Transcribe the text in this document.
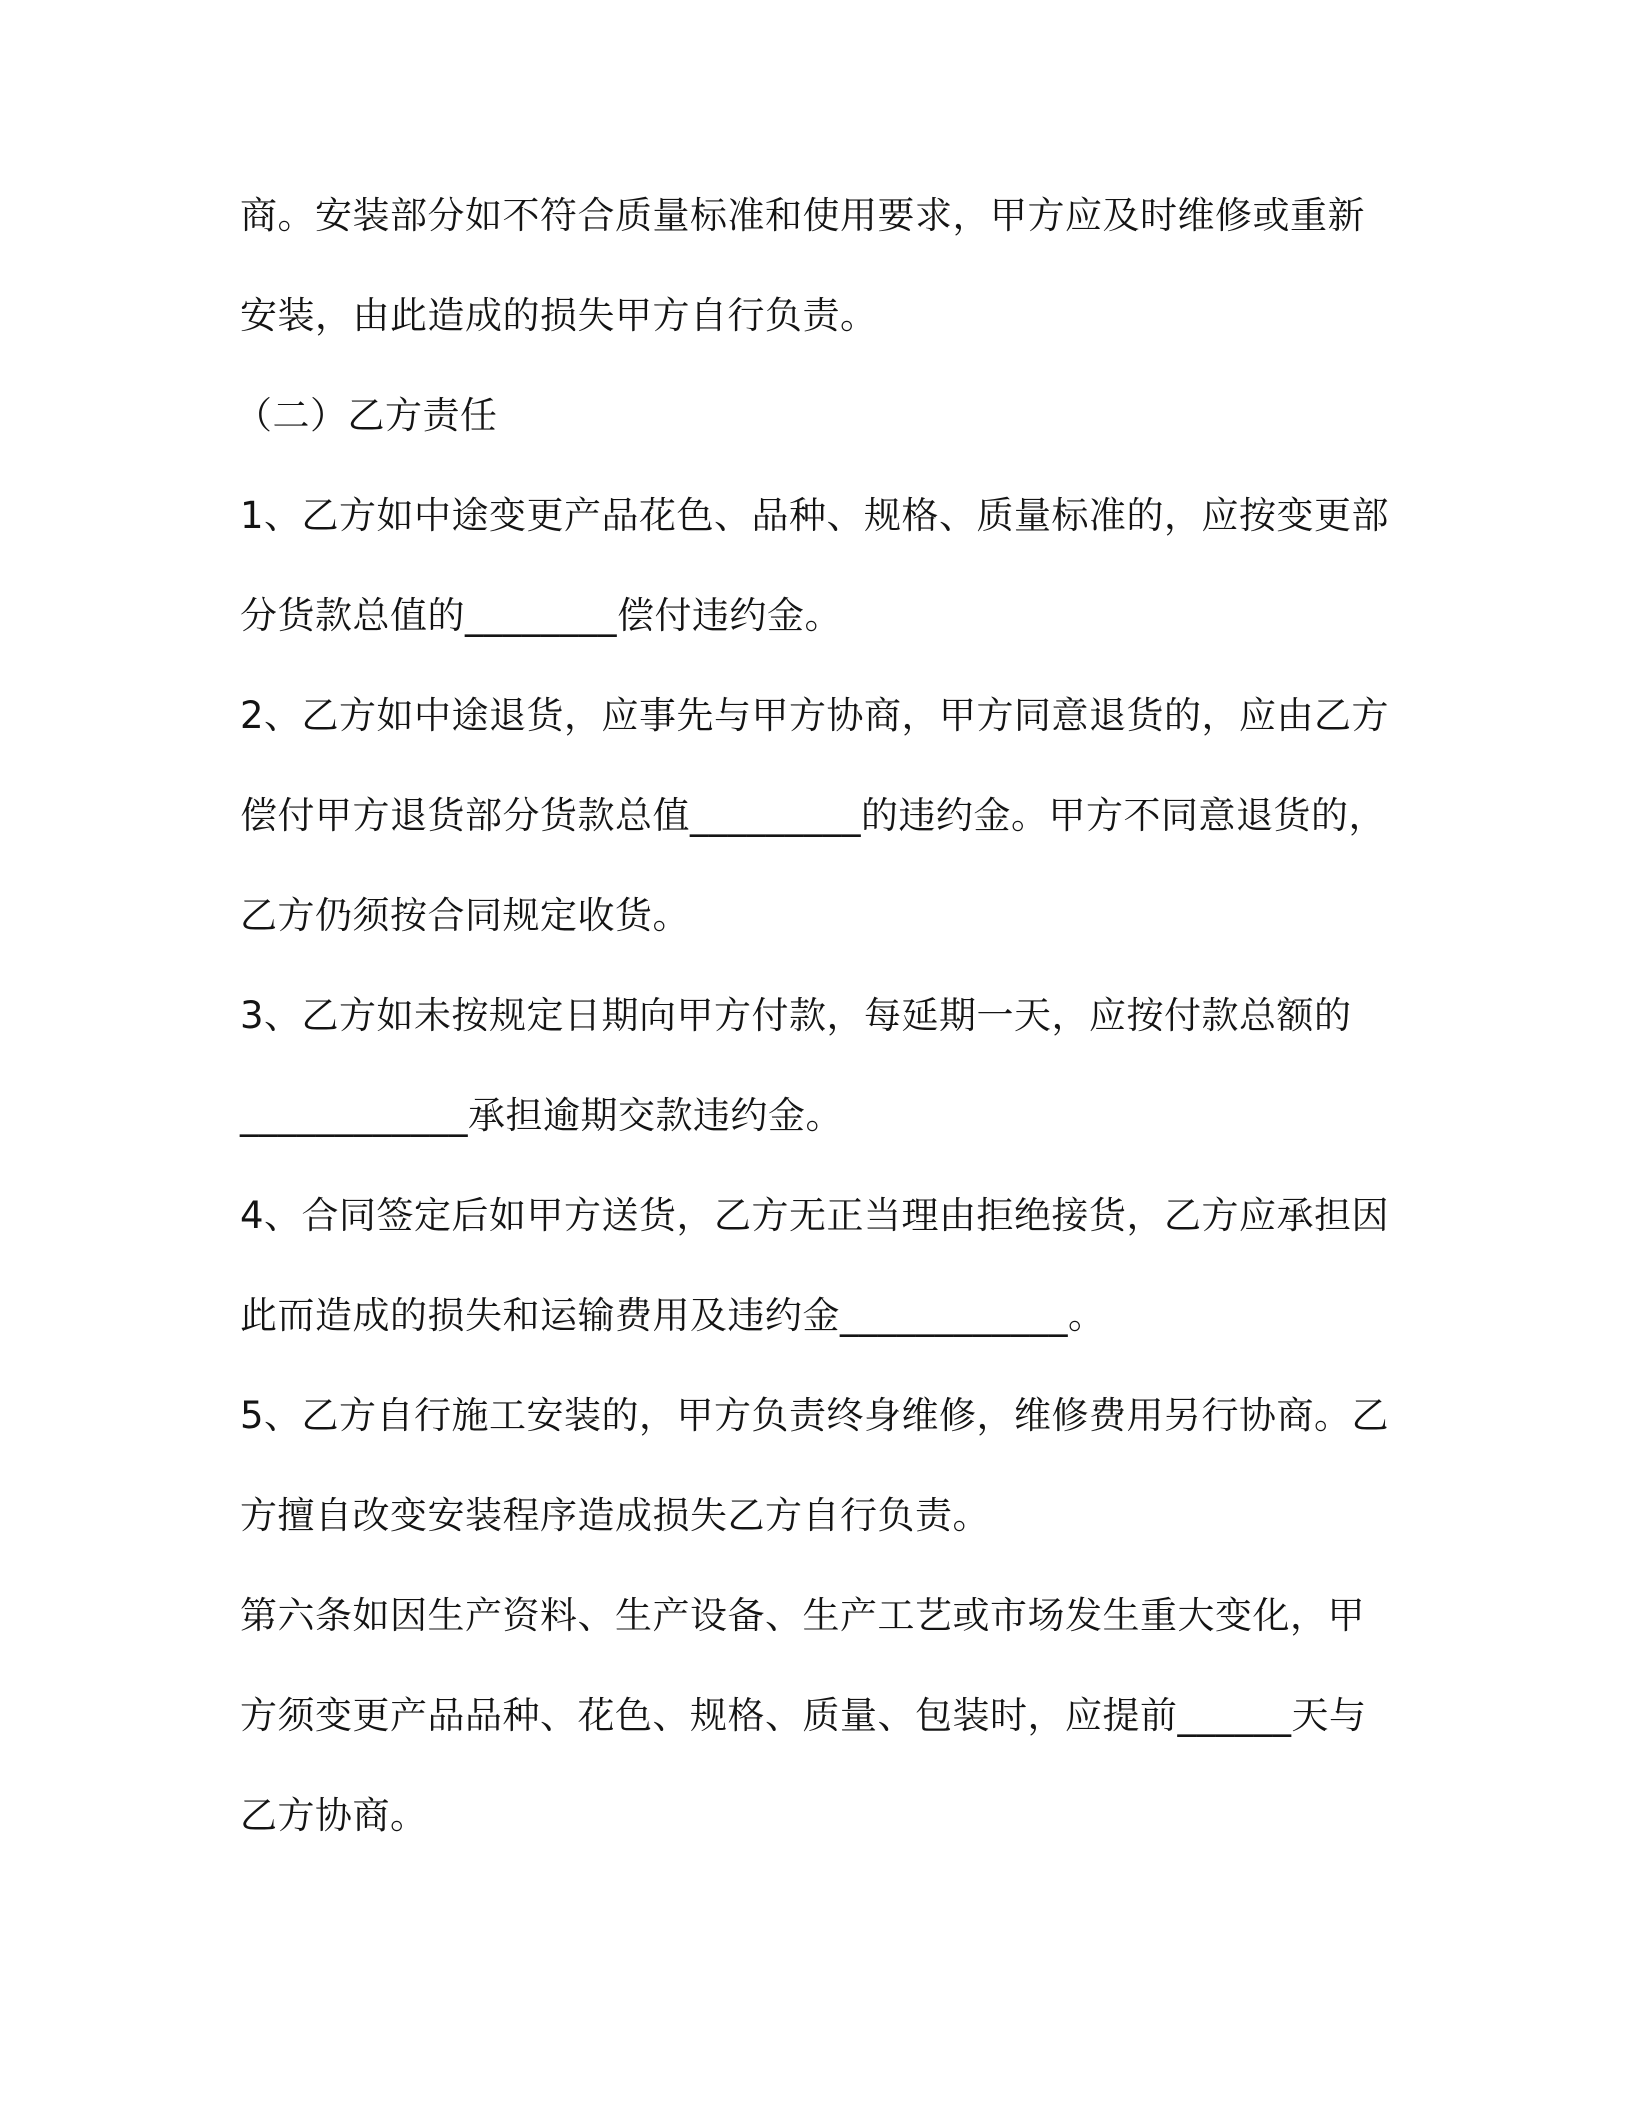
商。安装部分如不符合质量标准和使用要求，甲方应及时维修或重新
安装，由此造成的损失甲方自行负责。
（二）乙方责任
1、乙方如中途变更产品花色、品种、规格、质量标准的，应按变更部
分货款总值的________偿付违约金。
2、乙方如中途退货，应事先与甲方协商，甲方同意退货的，应由乙方
偿付甲方退货部分货款总值_________的违约金。甲方不同意退货的，
乙方仍须按合同规定收货。
3、乙方如未按规定日期向甲方付款，每延期一天，应按付款总额的
____________承担逾期交款违约金。
4、合同签定后如甲方送货，乙方无正当理由拒绝接货，乙方应承担因
此而造成的损失和运输费用及违约金____________。
5、乙方自行施工安装的，甲方负责终身维修，维修费用另行协商。乙
方擅自改变安装程序造成损失乙方自行负责。
第六条如因生产资料、生产设备、生产工艺或市场发生重大变化，甲
方须变更产品品种、花色、规格、质量、包装时，应提前______天与
乙方协商。
